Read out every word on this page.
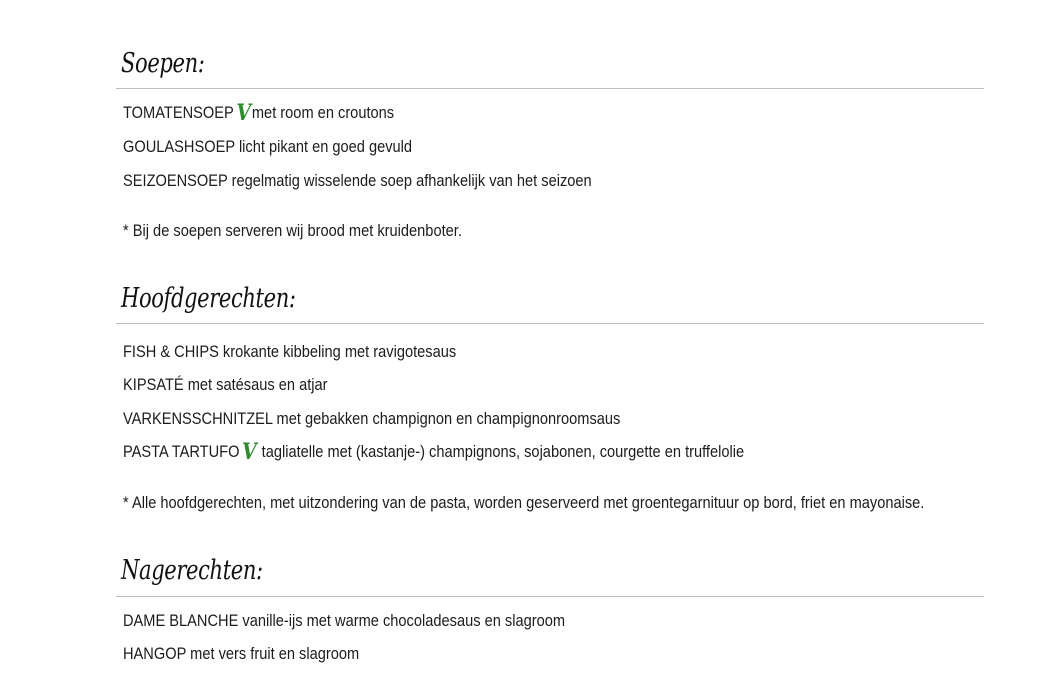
Soepen:
TOMATENSOEP Vmet room en croutons
GOULASHSOEP licht pikant en goed gevuld
SEIZOENSOEP regelmatig wisselende soep afhankelijk van het seizoen
* Bij de soepen serveren wij brood met kruidenboter.
Hoofdgerechten:
FISH & CHIPS krokante kibbeling met ravigotesaus
KIPSATÉ met satésaus en atjar
VARKENSSCHNITZEL met gebakken champignon en champignonroomsaus
PASTA TARTUFO V tagliatelle met (kastanje-) champignons, sojabonen, courgette en truffelolie
* Alle hoofdgerechten, met uitzondering van de pasta, worden geserveerd met groentegarnituur op bord, friet en mayonaise.
Nagerechten:
DAME BLANCHE vanille-ijs met warme chocoladesaus en slagroom
HANGOP met vers fruit en slagroom
